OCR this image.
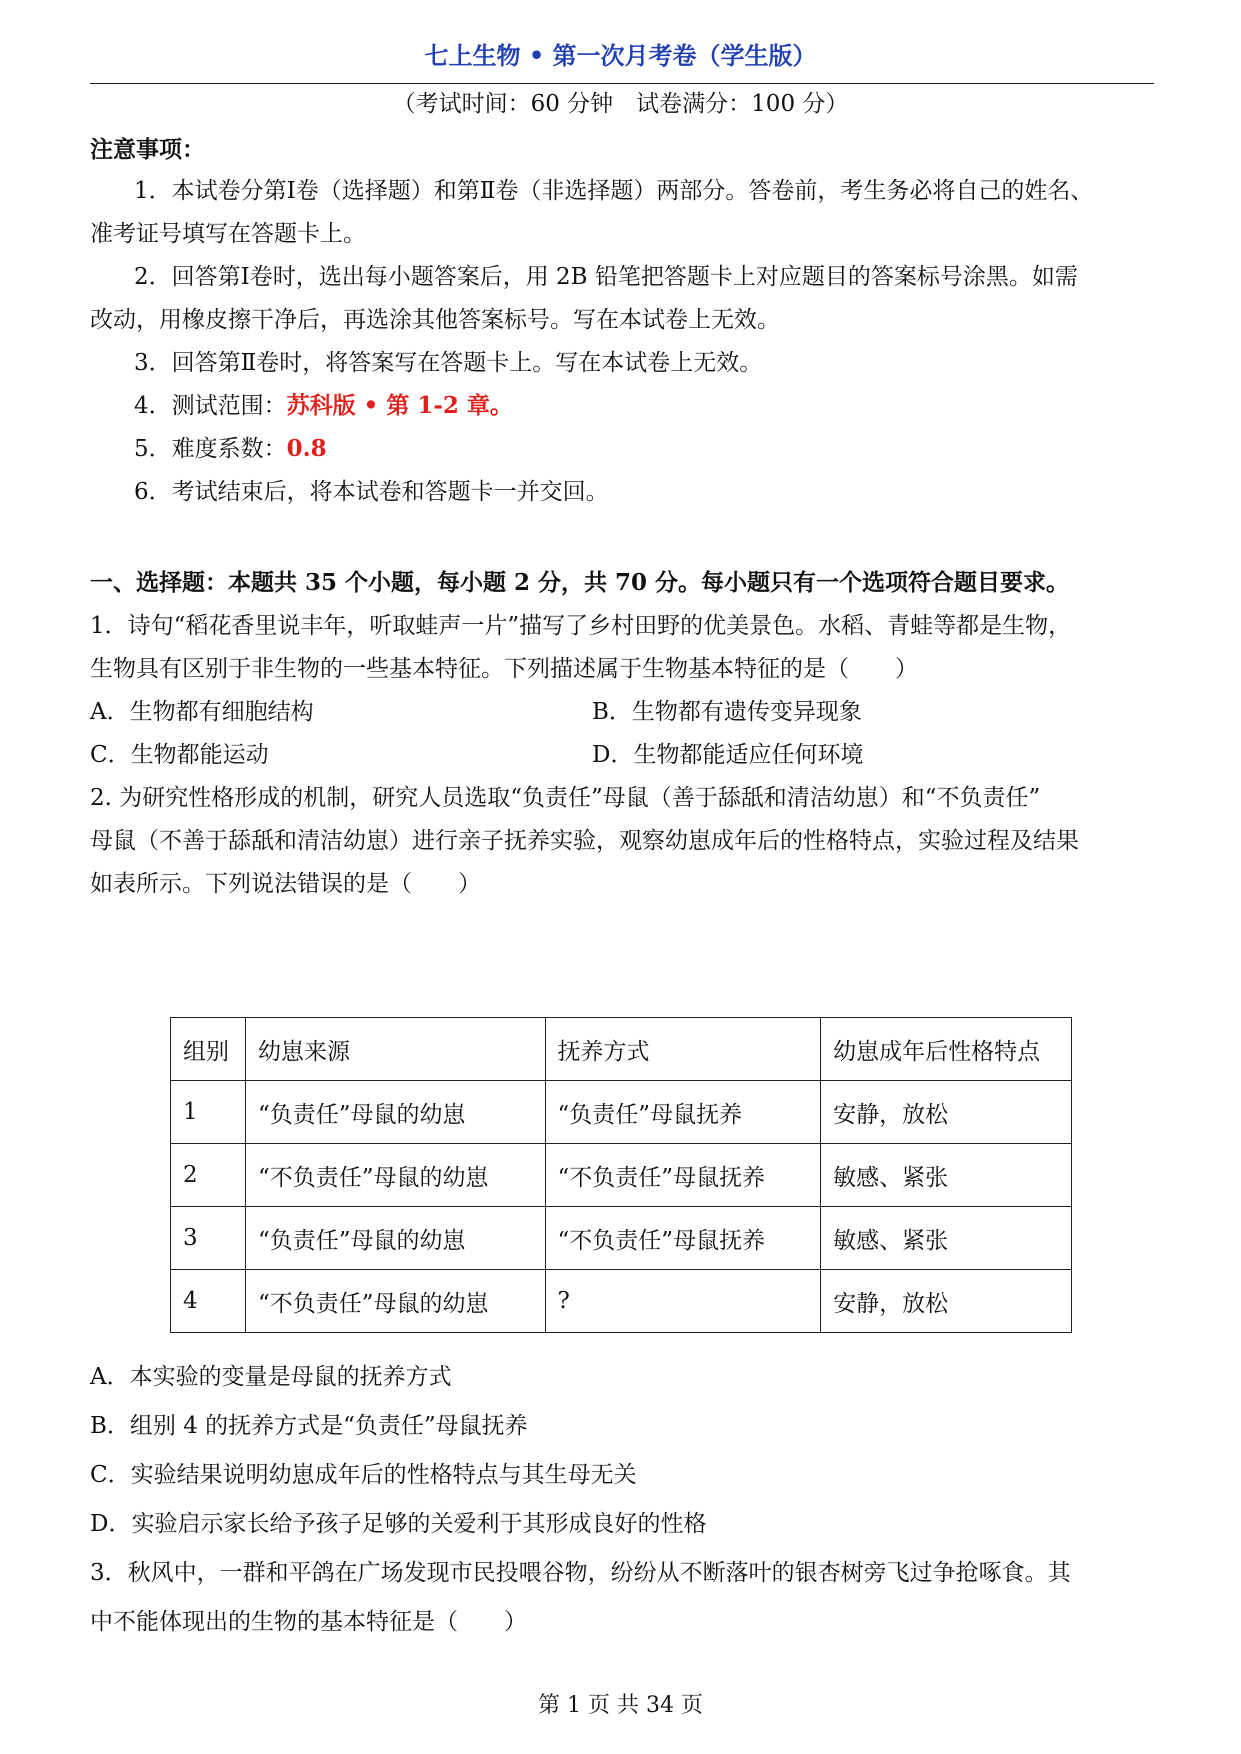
七上生物 • 第一次月考卷（学生版）
（考试时间：60 分钟　试卷满分：100 分）
注意事项：
1．本试卷分第Ⅰ卷（选择题）和第Ⅱ卷（非选择题）两部分。答卷前，考生务必将自己的姓名、
准考证号填写在答题卡上。
2．回答第Ⅰ卷时，选出每小题答案后，用 2B 铅笔把答题卡上对应题目的答案标号涂黑。如需
改动，用橡皮擦干净后，再选涂其他答案标号。写在本试卷上无效。
3．回答第Ⅱ卷时，将答案写在答题卡上。写在本试卷上无效。
4．测试范围：苏科版 • 第 1-2 章。
5．难度系数：0.8
6．考试结束后，将本试卷和答题卡一并交回。
一、选择题：本题共 35 个小题，每小题 2 分，共 70 分。每小题只有一个选项符合题目要求。
1．诗句“稻花香里说丰年，听取蛙声一片”描写了乡村田野的优美景色。水稻、青蛙等都是生物，
生物具有区别于非生物的一些基本特征。下列描述属于生物基本特征的是（　　）
A．生物都有细胞结构	B．生物都有遗传变异现象
C．生物都能运动	D．生物都能适应任何环境
2. 为研究性格形成的机制，研究人员选取“负责任”母鼠（善于舔舐和清洁幼崽）和“不负责任”
母鼠（不善于舔舐和清洁幼崽）进行亲子抚养实验，观察幼崽成年后的性格特点，实验过程及结果
如表所示。下列说法错误的是（　　）
组别	幼崽来源	抚养方式	幼崽成年后性格特点
1	“负责任”母鼠的幼崽	“负责任”母鼠抚养	安静，放松
2	“不负责任”母鼠的幼崽	“不负责任”母鼠抚养	敏感、紧张
3	“负责任”母鼠的幼崽	“不负责任”母鼠抚养	敏感、紧张
4	“不负责任”母鼠的幼崽	?	安静，放松
A．本实验的变量是母鼠的抚养方式
B．组别 4 的抚养方式是“负责任”母鼠抚养
C．实验结果说明幼崽成年后的性格特点与其生母无关
D．实验启示家长给予孩子足够的关爱利于其形成良好的性格
3．秋风中，一群和平鸽在广场发现市民投喂谷物，纷纷从不断落叶的银杏树旁飞过争抢啄食。其
中不能体现出的生物的基本特征是（　　）
第 1 页 共 34 页
